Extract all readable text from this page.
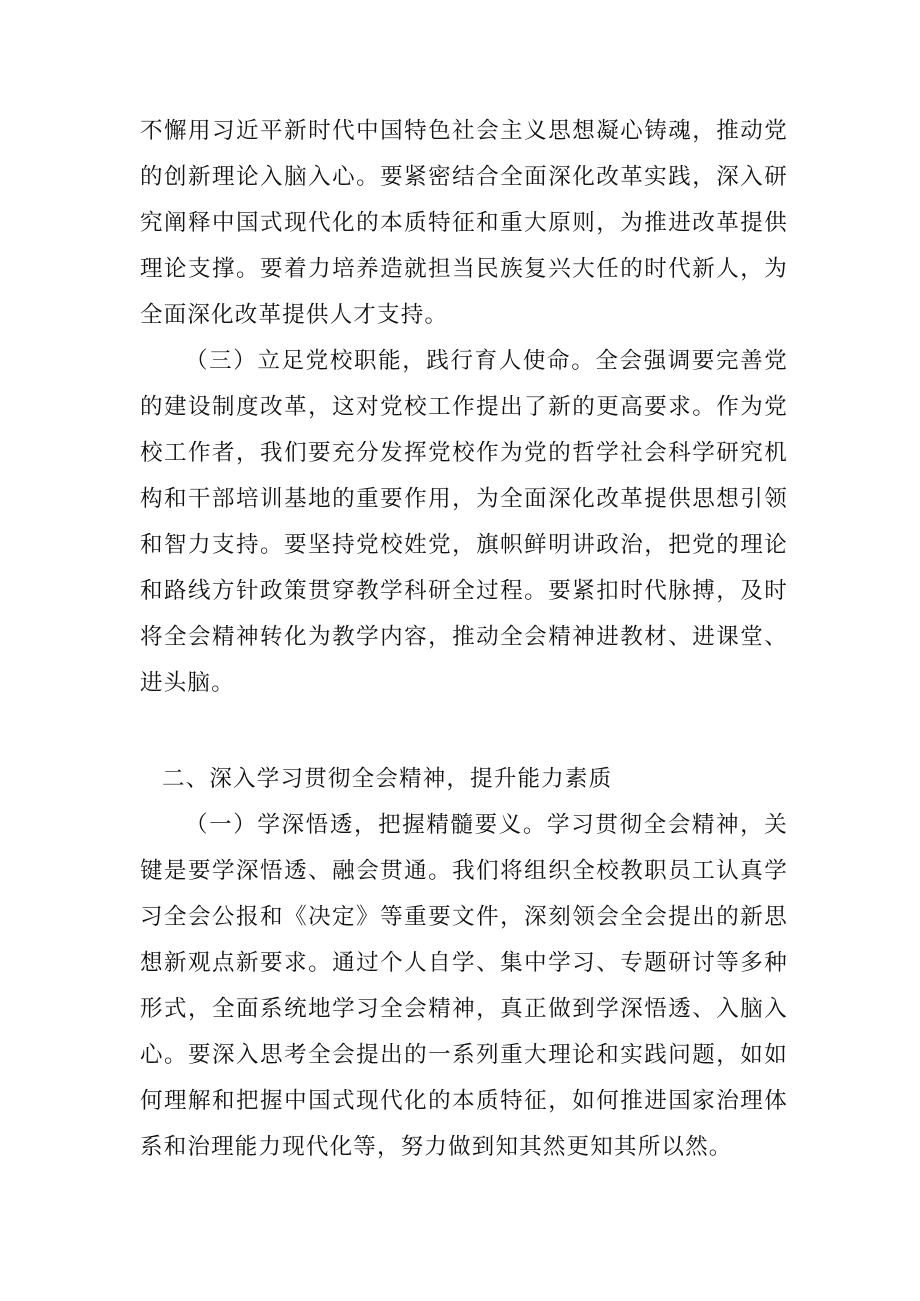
不懈用习近平新时代中国特色社会主义思想凝心铸魂，推动党的创新理论入脑入心。要紧密结合全面深化改革实践，深入研究阐释中国式现代化的本质特征和重大原则，为推进改革提供理论支撑。要着力培养造就担当民族复兴大任的时代新人，为全面深化改革提供人才支持。

（三）立足党校职能，践行育人使命。全会强调要完善党的建设制度改革，这对党校工作提出了新的更高要求。作为党校工作者，我们要充分发挥党校作为党的哲学社会科学研究机构和干部培训基地的重要作用，为全面深化改革提供思想引领和智力支持。要坚持党校姓党，旗帜鲜明讲政治，把党的理论和路线方针政策贯穿教学科研全过程。要紧扣时代脉搏，及时将全会精神转化为教学内容，推动全会精神进教材、进课堂、进头脑。

二、深入学习贯彻全会精神，提升能力素质

（一）学深悟透，把握精髓要义。学习贯彻全会精神，关键是要学深悟透、融会贯通。我们将组织全校教职员工认真学习全会公报和《决定》等重要文件，深刻领会全会提出的新思想新观点新要求。通过个人自学、集中学习、专题研讨等多种形式，全面系统地学习全会精神，真正做到学深悟透、入脑入心。要深入思考全会提出的一系列重大理论和实践问题，如如何理解和把握中国式现代化的本质特征，如何推进国家治理体系和治理能力现代化等，努力做到知其然更知其所以然。
